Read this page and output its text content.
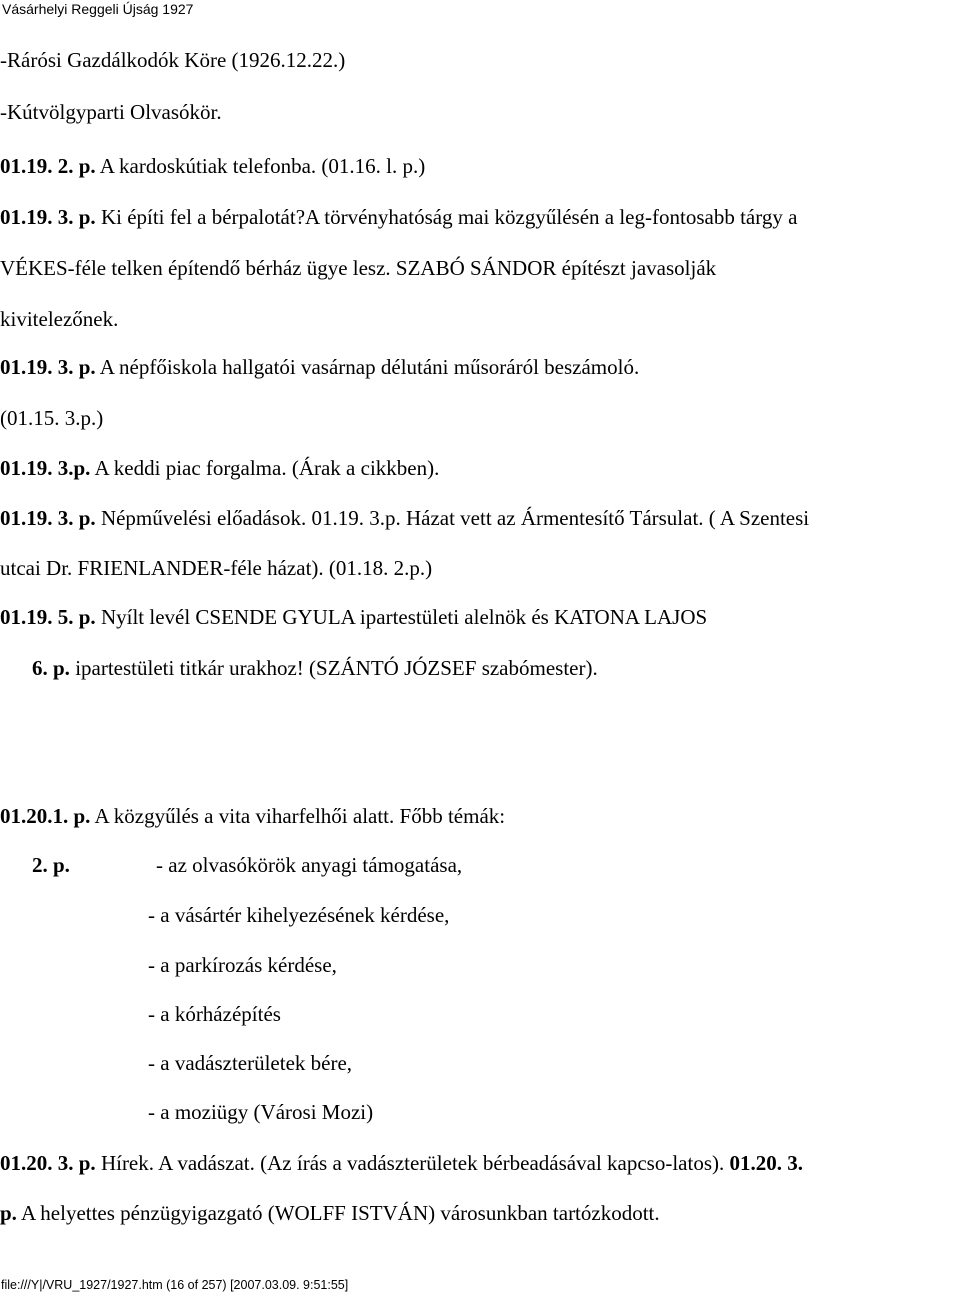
Vásárhelyi Reggeli Újság 1927
-Rárósi Gazdálkodók Köre (1926.12.22.)
-Kútvölgyparti Olvasókör.
01.19. 2. p. A kardoskútiak telefonba. (01.16. l. p.)
01.19. 3. p. Ki építi fel a bérpalotát?A törvényhatóság mai közgyűlésén a leg-fontosabb tárgy a
VÉKES-féle telken építendő bérház ügye lesz. SZABÓ SÁNDOR építészt javasolják
kivitelezőnek.
01.19. 3. p. A népfőiskola hallgatói vasárnap délutáni műsoráról beszámoló.
(01.15. 3.p.)
01.19. 3.p. A keddi piac forgalma. (Árak a cikkben).
01.19. 3. p. Népművelési előadások. 01.19. 3.p. Házat vett az Ármentesítő Társulat. ( A Szentesi
utcai Dr. FRIENLANDER-féle házat). (01.18. 2.p.)
01.19. 5. p. Nyílt levél CSENDE GYULA ipartestületi alelnök és KATONA LAJOS
6. p. ipartestületi titkár urakhoz! (SZÁNTÓ JÓZSEF szabómester).
01.20.1. p. A közgyűlés a vita viharfelhői alatt. Főbb témák:
2. p.	- az olvasókörök anyagi támogatása,
- a vásártér kihelyezésének kérdése,
- a parkírozás kérdése,
- a kórházépítés
- a vadászterületek bére,
- a moziügy (Városi Mozi)
01.20. 3. p. Hírek. A vadászat. (Az írás a vadászterületek bérbeadásával kapcso-latos). 01.20. 3.
p. A helyettes pénzügyigazgató (WOLFF ISTVÁN) városunkban tartózkodott.
file:///Y|/VRU_1927/1927.htm (16 of 257) [2007.03.09. 9:51:55]
